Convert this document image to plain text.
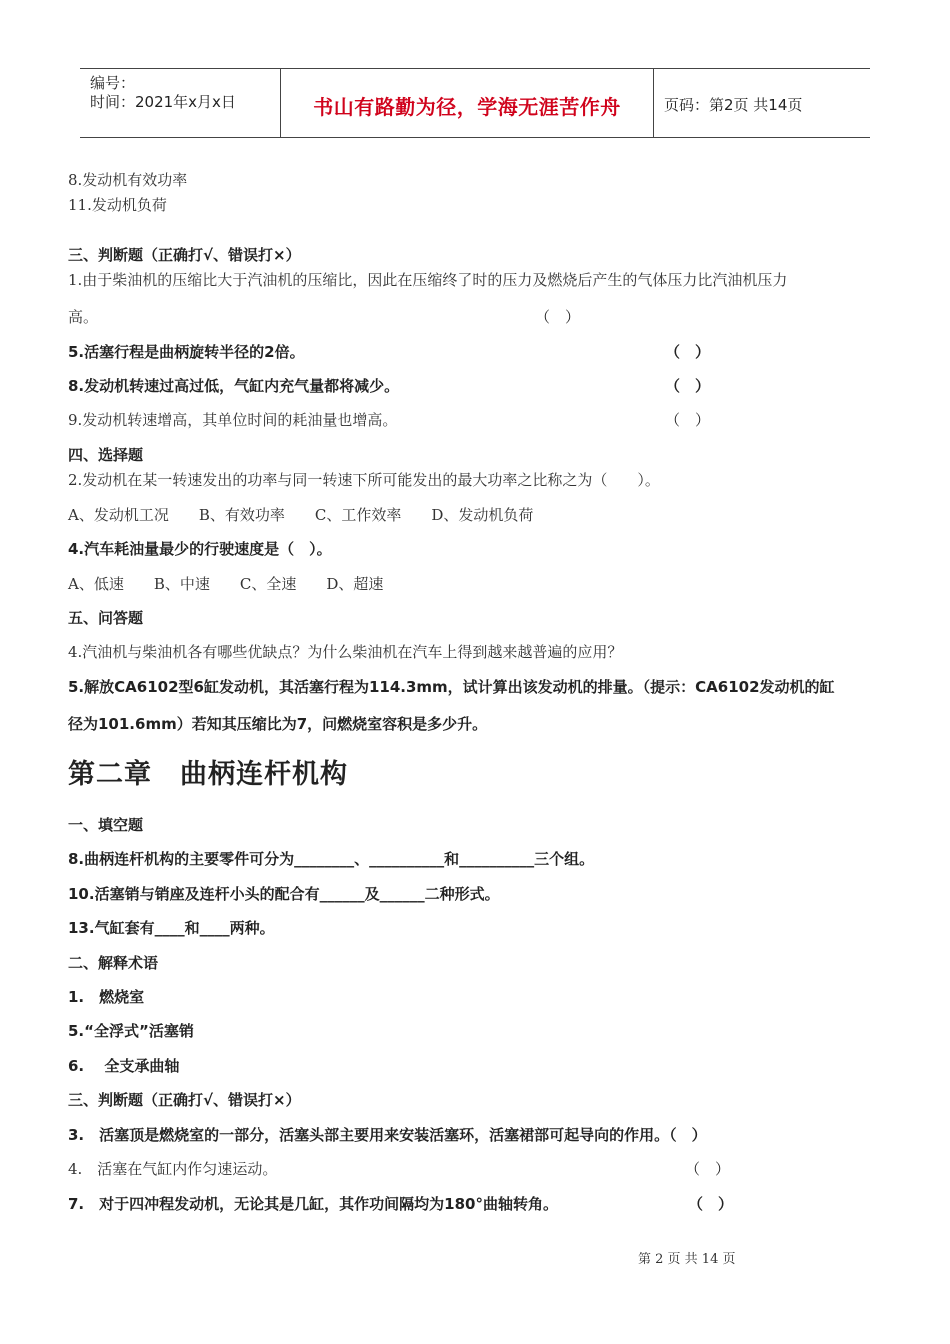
编号：
时间：2021年x月x日	书山有路勤为径，学海无涯苦作舟	页码：第2页 共14页
8.发动机有效功率
11.发动机负荷
三、判断题（正确打√、错误打×）
1.由于柴油机的压缩比大于汽油机的压缩比，因此在压缩终了时的压力及燃烧后产生的气体压力比汽油机压力
高。	（　）
5.活塞行程是曲柄旋转半径的2倍。	（　）
8.发动机转速过高过低，气缸内充气量都将减少。	（　）
9.发动机转速增高，其单位时间的耗油量也增高。	（　）
四、选择题
2.发动机在某一转速发出的功率与同一转速下所可能发出的最大功率之比称之为（　　）。
A、发动机工况　　B、有效功率　　C、工作效率　　D、发动机负荷
4.汽车耗油量最少的行驶速度是（　）。
A、低速　　B、中速　　C、全速　　D、超速
五、问答题
4.汽油机与柴油机各有哪些优缺点？为什么柴油机在汽车上得到越来越普遍的应用？
5.解放CA6102型6缸发动机，其活塞行程为114.3mm，试计算出该发动机的排量。（提示：CA6102发动机的缸
径为101.6mm）若知其压缩比为7，问燃烧室容积是多少升。
第二章　曲柄连杆机构
一、填空题
8.曲柄连杆机构的主要零件可分为________、__________和__________三个组。
10.活塞销与销座及连杆小头的配合有______及______二种形式。
13.气缸套有____和____两种。
二、解释术语
1.　燃烧室
5.“全浮式”活塞销
6.　 全支承曲轴
三、判断题（正确打√、错误打×）
3.　活塞顶是燃烧室的一部分，活塞头部主要用来安装活塞环，活塞裙部可起导向的作用。（　）
4.　活塞在气缸内作匀速运动。	（　）
7.　对于四冲程发动机，无论其是几缸，其作功间隔均为180°曲轴转角。	（　）
第 2 页 共 14 页
